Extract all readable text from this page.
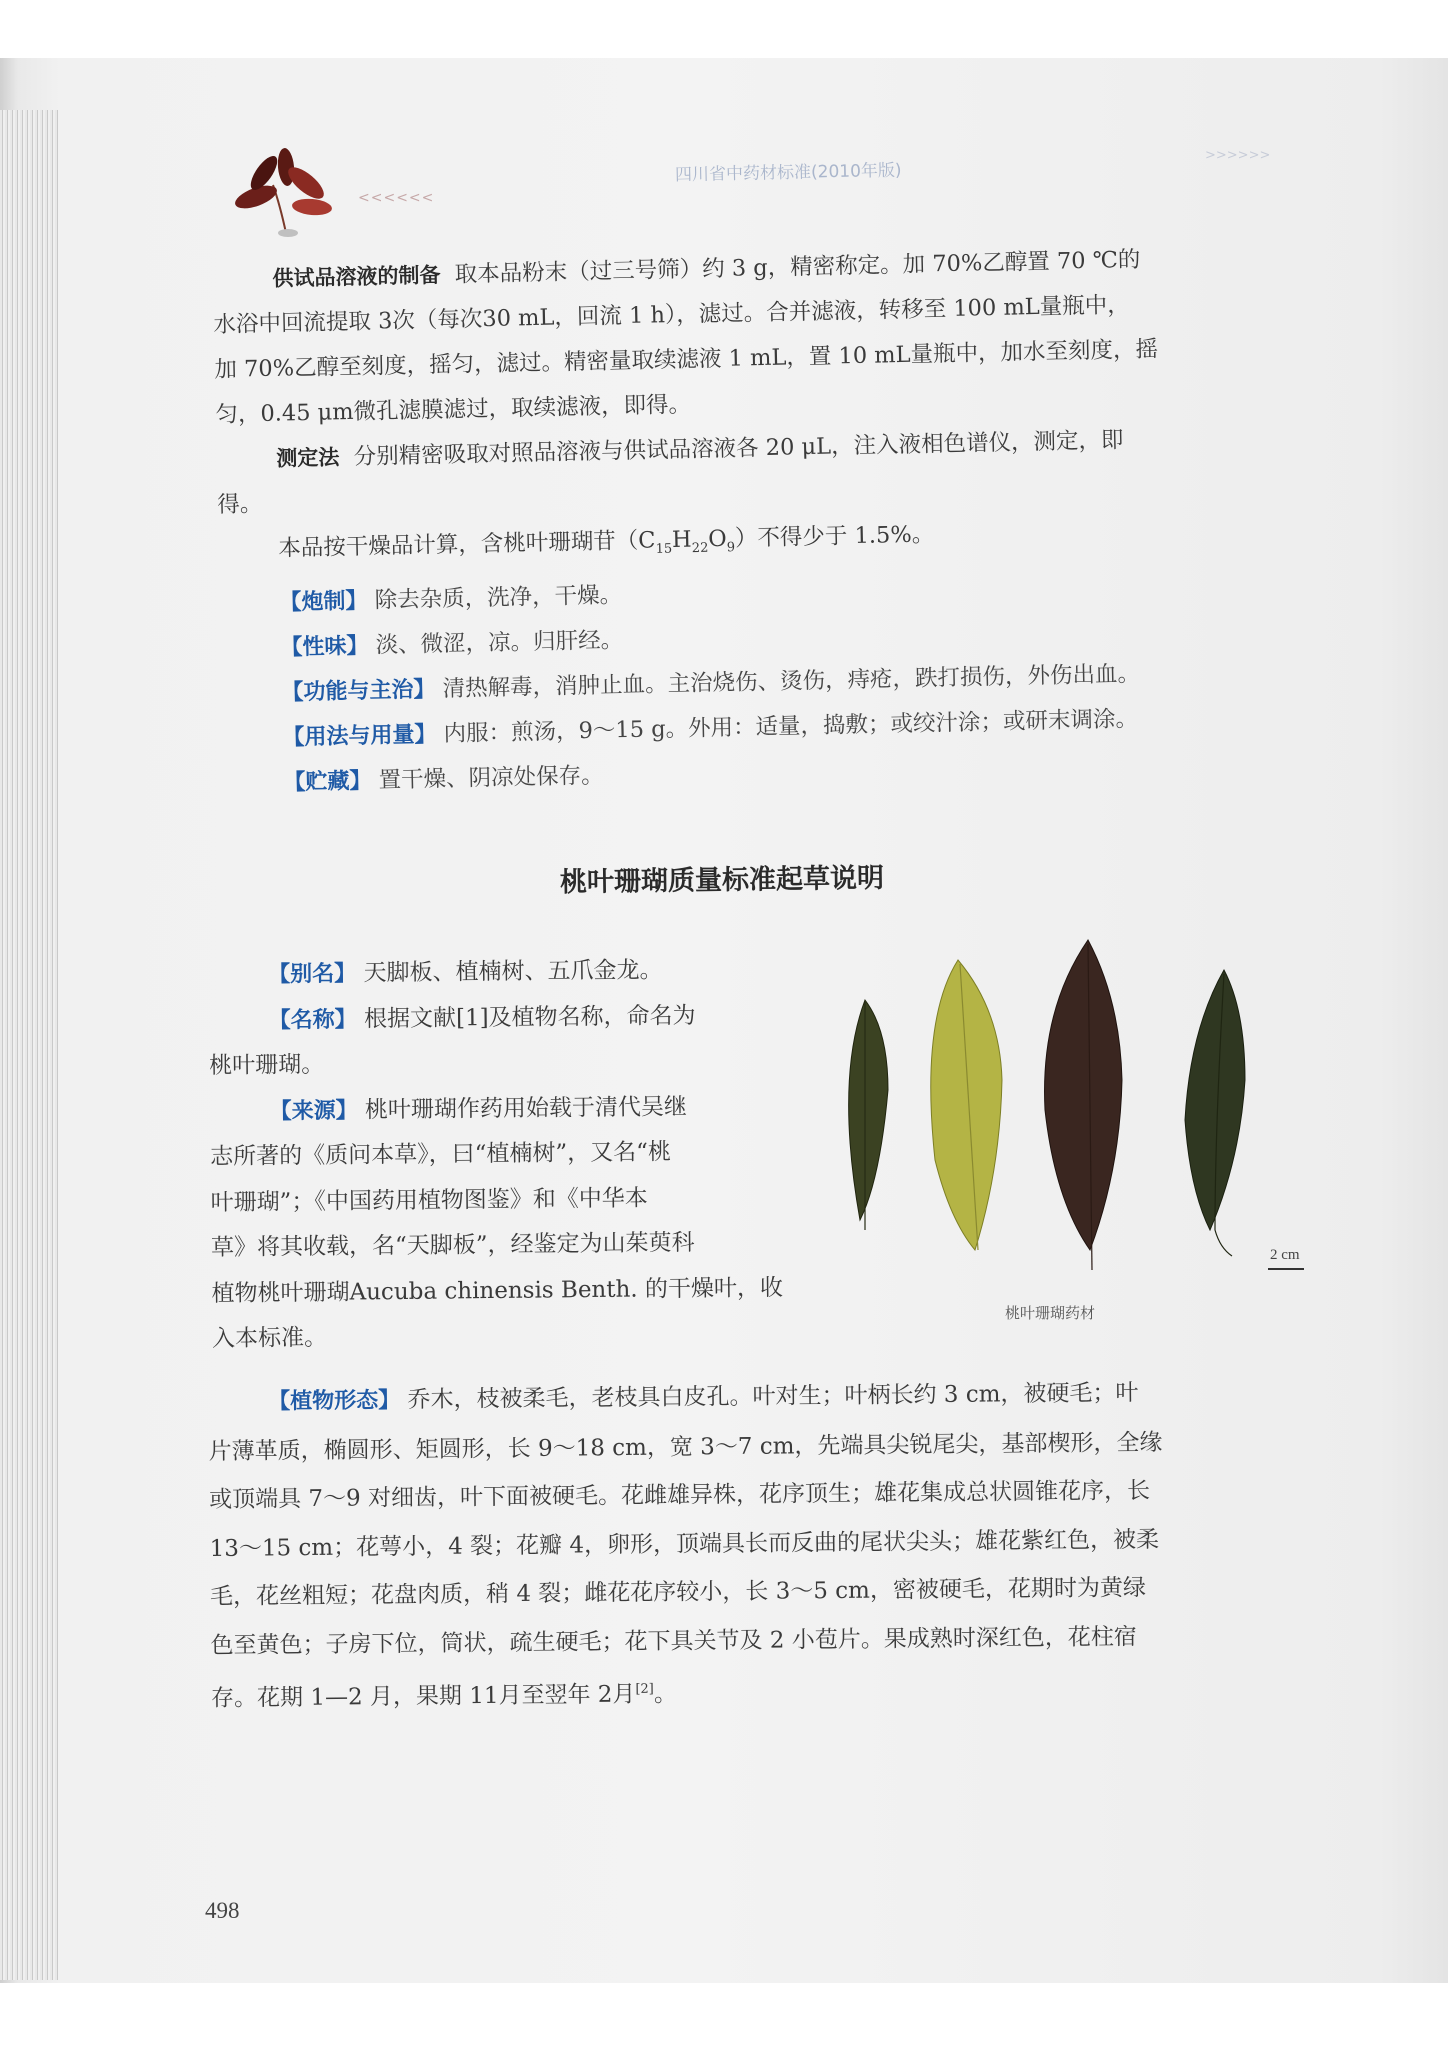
<<<<<<
四川省中药材标准(2010年版)
>>>>>>

供试品溶液的制备 取本品粉末（过三号筛）约 3 g，精密称定。加 70%乙醇置 70 ℃的

水浴中回流提取 3次（每次30 mL，回流 1 h），滤过。合并滤液，转移至 100 mL量瓶中，

加 70%乙醇至刻度，摇匀，滤过。精密量取续滤液 1 mL，置 10 mL量瓶中，加水至刻度，摇

匀，0.45 μm微孔滤膜滤过，取续滤液，即得。

测定法 分别精密吸取对照品溶液与供试品溶液各 20 μL，注入液相色谱仪，测定，即

得。

本品按干燥品计算，含桃叶珊瑚苷$(C_{15}H_{22}O_9)$不得少于 1.5%。

【炮制】 除去杂质，洗净，干燥。

【性味】 淡、微涩，凉。归肝经。

【功能与主治】 清热解毒，消肿止血。主治烧伤、烫伤，痔疮，跌打损伤，外伤出血。

【用法与用量】 内服：煎汤，9～15 g。外用：适量，捣敷；或绞汁涂；或研末调涂。

【贮藏】 置干燥、阴凉处保存。

桃叶珊瑚质量标准起草说明

【别名】 天脚板、植楠树、五爪金龙。

【名称】 根据文献[1]及植物名称，命名为

桃叶珊瑚。

【来源】 桃叶珊瑚作药用始载于清代吴继

志所著的《质问本草》，曰“植楠树”，又名“桃

叶珊瑚”；《中国药用植物图鉴》和《中华本

草》将其收载，名“天脚板”，经鉴定为山茱萸科

植物桃叶珊瑚Aucuba chinensis Benth. 的干燥叶，收

入本标准。

2 cm
桃叶珊瑚药材

【植物形态】 乔木，枝被柔毛，老枝具白皮孔。叶对生；叶柄长约 3 cm，被硬毛；叶

片薄革质，椭圆形、矩圆形，长 9～18 cm，宽 3～7 cm，先端具尖锐尾尖，基部楔形，全缘

或顶端具 7～9 对细齿，叶下面被硬毛。花雌雄异株，花序顶生；雄花集成总状圆锥花序，长

13～15 cm；花萼小，4 裂；花瓣 4，卵形，顶端具长而反曲的尾状尖头；雄花紫红色，被柔

毛，花丝粗短；花盘肉质，稍 4 裂；雌花花序较小，长 3～5 cm，密被硬毛，花期时为黄绿

色至黄色；子房下位，筒状，疏生硬毛；花下具关节及 2 小苞片。果成熟时深红色，花柱宿

存。花期 1—2 月，果期 11月至翌年 2月[2]。

498
